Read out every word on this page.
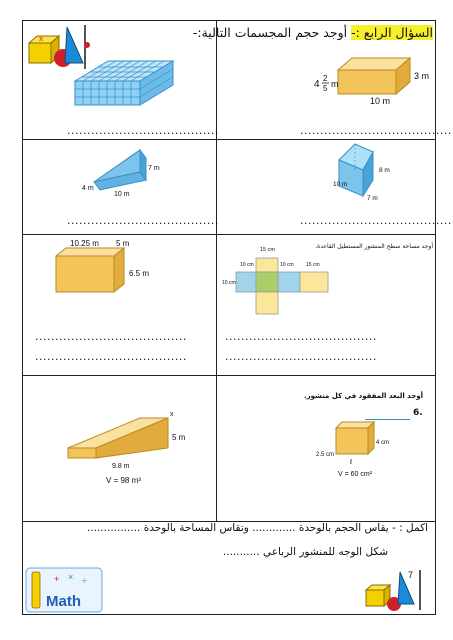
السؤال الرابع :- أوجد حجم المجسمات التالية:-
π
......................................
3 m
10 m
4
2
5 m
......................................
7 m
4 m
10 m
......................................
8 m
10 m
7 m
......................................
10.25 m 5 m
6.5 m
......................................
......................................
أوجد مساحة سطح المنشور المستطيل القاعدة.
15 cm
10 cm	10 cm 15 cm
10 cm
......................................
......................................
x
5 m
9.8 m
V = 98 m³
أوجد البعد المفقود في كل منشور.
6.
4 cm
2.5 cm
ℓ
V = 60 cm²
اكمل : - يقاس الحجم بالوحدة ............. وتقاس المساحة بالوحدة ................
شكل الوجه للمنشور الرباعي ...........
+ × ÷
Math
7
